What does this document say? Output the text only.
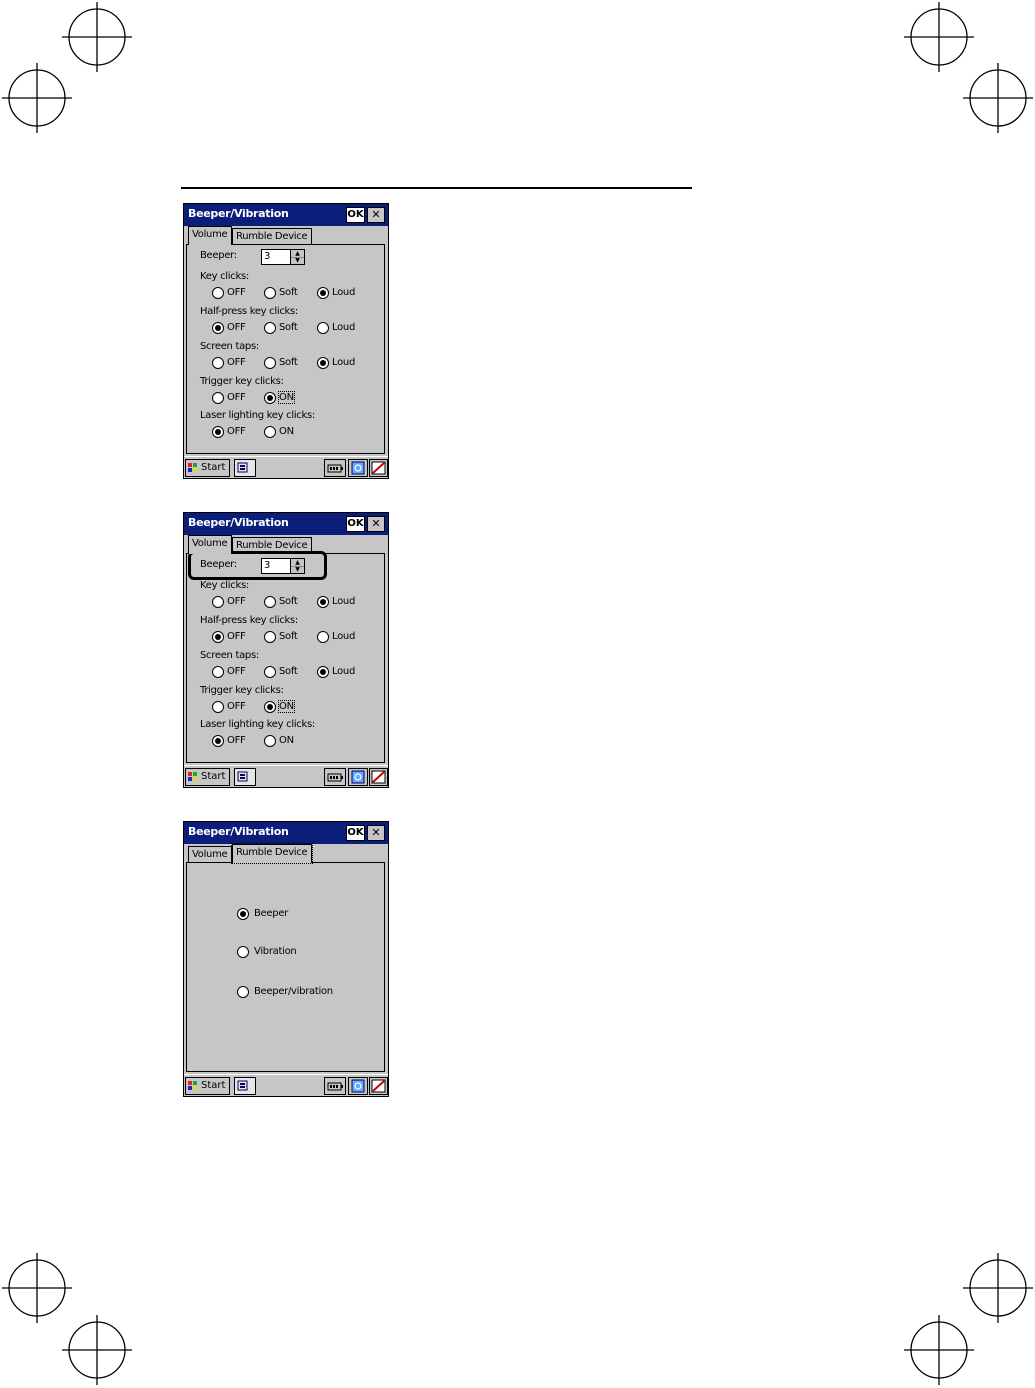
Beeper/Vibration	OK ✕
Volume Rumble Device
Start
Beeper:	3	▲
▼
Key clicks:
OFF	Soft	Loud
Half-press key clicks:
OFF	Soft	Loud
Screen taps:
OFF	Soft	Loud
Trigger key clicks:
OFF	ON
Laser lighting key clicks:
OFF	ON
Beeper/Vibration	OK ✕
Volume Rumble Device
Start
Beeper:	3	▲
▼
Key clicks:
OFF	Soft	Loud
Half-press key clicks:
OFF	Soft	Loud
Screen taps:
OFF	Soft	Loud
Trigger key clicks:
OFF	ON
Laser lighting key clicks:
OFF	ON
Beeper/Vibration	OK ✕
Volume Rumble Device
Start
Beeper
Vibration
Beeper/vibration
